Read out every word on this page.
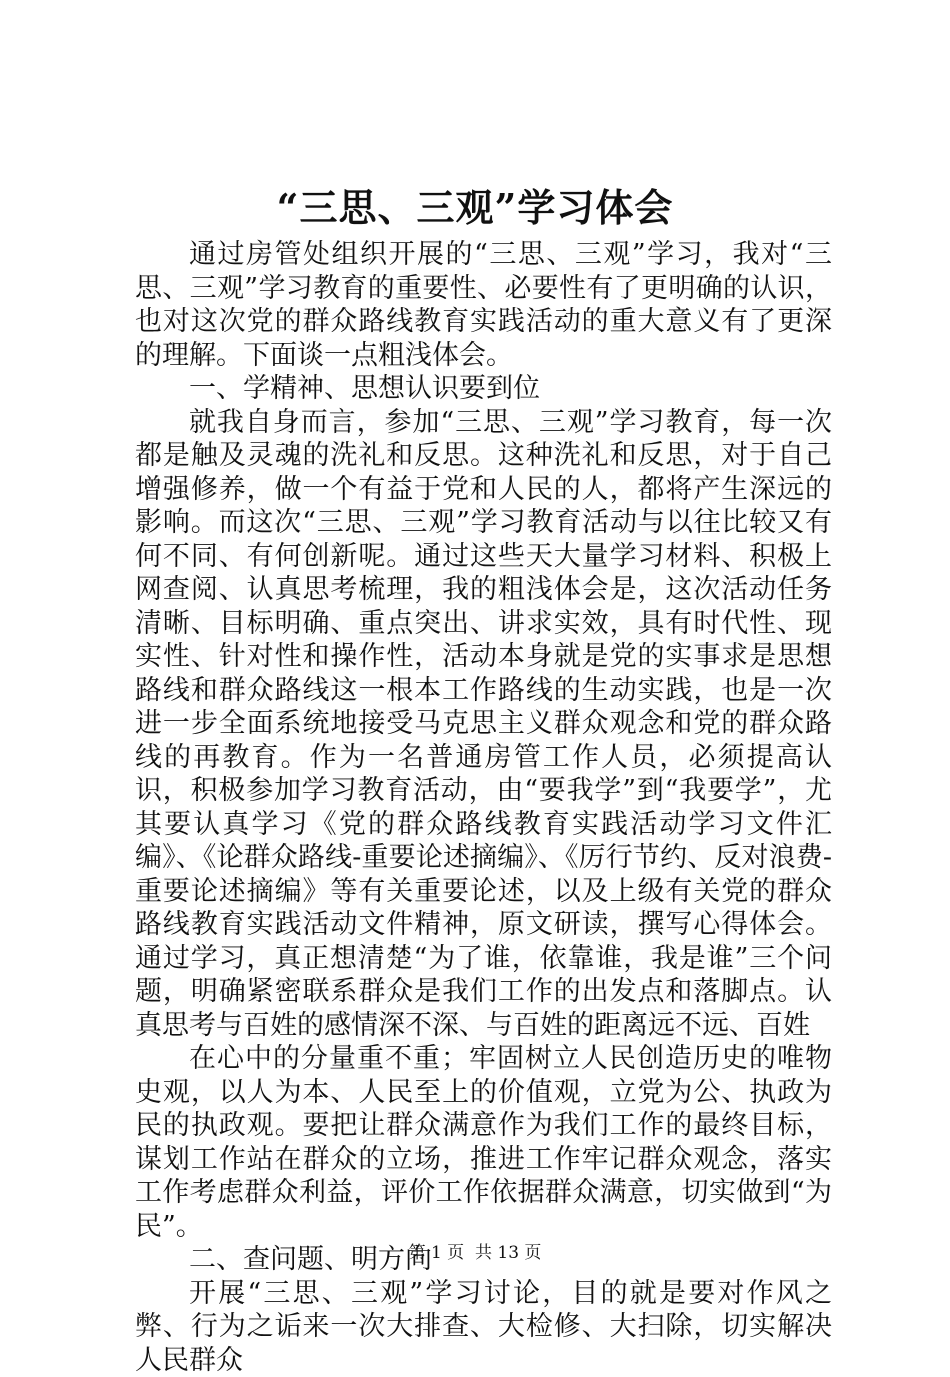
“三思、三观”学习体会

通过房管处组织开展的“三思、三观”学习，我对“三思、三观”学习教育的重要性、必要性有了更明确的认识，也对这次党的群众路线教育实践活动的重大意义有了更深的理解。下面谈一点粗浅体会。

一、学精神、思想认识要到位

就我自身而言，参加“三思、三观”学习教育，每一次都是触及灵魂的洗礼和反思。这种洗礼和反思，对于自己增强修养，做一个有益于党和人民的人，都将产生深远的影响。而这次“三思、三观”学习教育活动与以往比较又有何不同、有何创新呢。通过这些天大量学习材料、积极上网查阅、认真思考梳理，我的粗浅体会是，这次活动任务清晰、目标明确、重点突出、讲求实效，具有时代性、现实性、针对性和操作性，活动本身就是党的实事求是思想路线和群众路线这一根本工作路线的生动实践，也是一次进一步全面系统地接受马克思主义群众观念和党的群众路线的再教育。作为一名普通房管工作人员，必须提高认识，积极参加学习教育活动，由“要我学”到“我要学”，尤其要认真学习《党的群众路线教育实践活动学习文件汇编》、《论群众路线-重要论述摘编》、《厉行节约、反对浪费-重要论述摘编》等有关重要论述，以及上级有关党的群众路线教育实践活动文件精神，原文研读，撰写心得体会。通过学习，真正想清楚“为了谁，依靠谁，我是谁”三个问题，明确紧密联系群众是我们工作的出发点和落脚点。认真思考与百姓的感情深不深、与百姓的距离远不远、百姓

在心中的分量重不重；牢固树立人民创造历史的唯物史观，以人为本、人民至上的价值观，立党为公、执政为民的执政观。要把让群众满意作为我们工作的最终目标，谋划工作站在群众的立场，推进工作牢记群众观念，落实工作考虑群众利益，评价工作依据群众满意，切实做到“为民”。

二、查问题、明方向

开展“三思、三观”学习讨论，目的就是要对作风之弊、行为之诟来一次大排查、大检修、大扫除，切实解决人民群众

第 1 页  共 13 页
